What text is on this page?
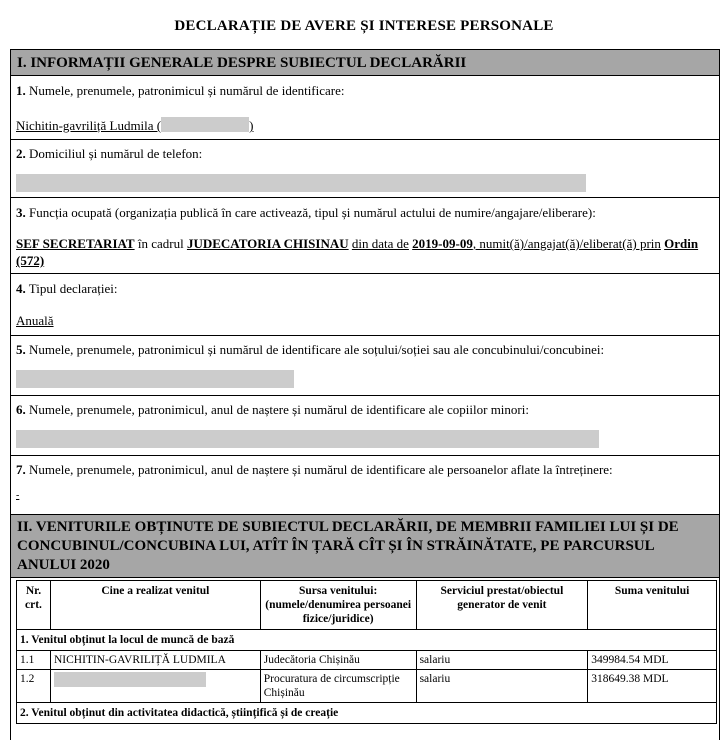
DECLARAȚIE DE AVERE ȘI INTERESE PERSONALE
I. INFORMAȚII GENERALE DESPRE SUBIECTUL DECLARĂRII
1. Numele, prenumele, patronimicul și numărul de identificare:
Nichitin-gavriliță Ludmila (	)
2. Domiciliul și numărul de telefon:
3. Funcția ocupată (organizația publică în care activează, tipul și numărul actului de numire/angajare/eliberare):
SEF SECRETARIAT în cadrul JUDECATORIA CHISINAU din data de 2019-09-09, numit(ă)/angajat(ă)/eliberat(ă) prin Ordin (572)
4. Tipul declarației:
Anuală
5. Numele, prenumele, patronimicul și numărul de identificare ale soțului/soției sau ale concubinului/concubinei:
6. Numele, prenumele, patronimicul, anul de naștere și numărul de identificare ale copiilor minori:
7. Numele, prenumele, patronimicul, anul de naștere și numărul de identificare ale persoanelor aflate la întreținere:
-
II. VENITURILE OBȚINUTE DE SUBIECTUL DECLARĂRII, DE MEMBRII FAMILIEI LUI ȘI DE CONCUBINUL/CONCUBINA LUI, ATÎT ÎN ȚARĂ CÎT ȘI ÎN STRĂINĂTATE, PE PARCURSUL ANULUI 2020
Nr. crt.	Cine a realizat venitul	Sursa venitului: (numele/denumirea persoanei fizice/juridice)	Serviciul prestat/obiectul generator de venit	Suma venitului
1. Venitul obținut la locul de muncă de bază				
1.1	NICHITIN-GAVRILIȚĂ LUDMILA	Judecătoria Chișinău	salariu	349984.54 MDL
1.2		Procuratura de circumscripție Chișinău	salariu	318649.38 MDL
2. Venitul obținut din activitatea didactică, științifică și de creație				
